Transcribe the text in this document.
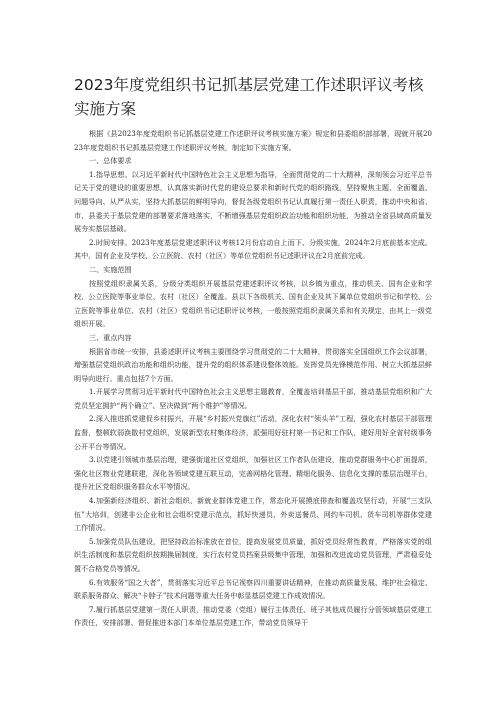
2023年度党组织书记抓基层党建工作述职评议考核实施方案

根据《县2023年度党组织书记抓基层党建工作述职评议考核实施方案》规定和县委组织部部署，现就开展2023年度党组织书记抓基层党建工作述职评议考核，制定如下实施方案。

一、总体要求

1.指导思想。以习近平新时代中国特色社会主义思想为指导，全面贯彻党的二十大精神，深刻领会习近平总书记关于党的建设的重要思想，认真落实新时代党的建设总要求和新时代党的组织路线，坚持聚焦主题、全面覆盖、问题导向、从严从实，坚持大抓基层的鲜明导向，督促各级党组织书记认真履行第一责任人职责，推动中央和省、市、县委关于基层党建的部署要求落地落实，不断增强基层党组织政治功能和组织功能，为推动全省县域高质量发展夯实基层基础。

2.时间安排。2023年度基层党建述职评议考核12月份启动自上而下、分级实施，2024年2月底前基本完成。其中，国有企业及学校、公立医院、农村（社区）等单位党组织书记述职评议在2月底前完成。

二、实施范围

按照党组织隶属关系，分级分类组织开展基层党建述职评议考核，以乡镇为重点，推动机关、国有企业和学校、公立医院等事业单位、农村（社区）全覆盖。县以下各级机关、国有企业及其下属单位党组织书记和学校、公立医院等事业单位、农村（社区）党组织书记述职评议考核，一般按照党组织隶属关系和有关规定，由其上一级党组织开展。

三、重点内容

根据省市统一安排，县委述职评议考核主要围绕学习贯彻党的二十大精神，贯彻落实全国组织工作会议部署，增强基层党组织政治功能和组织功能，提升党的组织体系建设整体效能。发挥党员先锋模范作用、树立大抓基层鲜明导向进行。重点包括7个方面。

1.开展学习贯彻习近平新时代中国特色社会主义思想主题教育，全覆盖培训基层干部，推动基层党组织和广大党员坚定拥护“两个确立”、坚决做到“两个维护”等情况。

2.深入推进抓党建促乡村振兴，开展“乡村振兴党旗红”活动，深化农村“领头羊”工程，强化农村基层干部管理监督，整顿软弱涣散村党组织，发展新型农村集体经济，派强用好驻村第一书记和工作队，建好用好全省村级事务公开平台等情况。

3.以党建引领城市基层治理，建强街道社区党组织，加强社区工作者队伍建设，推动党群服务中心扩面提质，强化社区物业党建联建，深化各领域党建互联互动，完善网格化管理、精细化服务、信息化支撑的基层治理平台，提升社区党组织服务群众水平等情况。

4.加强新经济组织、新社会组织、新就业群体党建工作，常态化开展摸底排查和覆盖攻坚行动，开展“三支队伍”大培训，创建非公企业和社会组织党建示范点，抓好快递员、外卖送餐员、网约车司机、货车司机等群体党建工作情况。

5.加强党员队伍建设，把坚持政治标准放在首位，提高发展党员质量，抓好党员经常性教育，严格落实党的组织生活制度和基层党组织按期换届制度，实行农村党员档案县级集中管理，加强和改进流动党员管理，严肃稳妥处置不合格党员等情况。

6.有效服务“国之大者”，贯彻落实习近平总书记视察四川重要讲话精神，在推动高质量发展、维护社会稳定、联系服务群众、解决“卡脖子”技术问题等重大任务中彰显基层党建工作成效情况。

7.履行抓基层党建第一责任人职责，推动党委（党组）履行主体责任、班子其他成员履行分管领域基层党建工作责任，安排部署、督促推进本部门本单位基层党建工作，带动党员领导干
